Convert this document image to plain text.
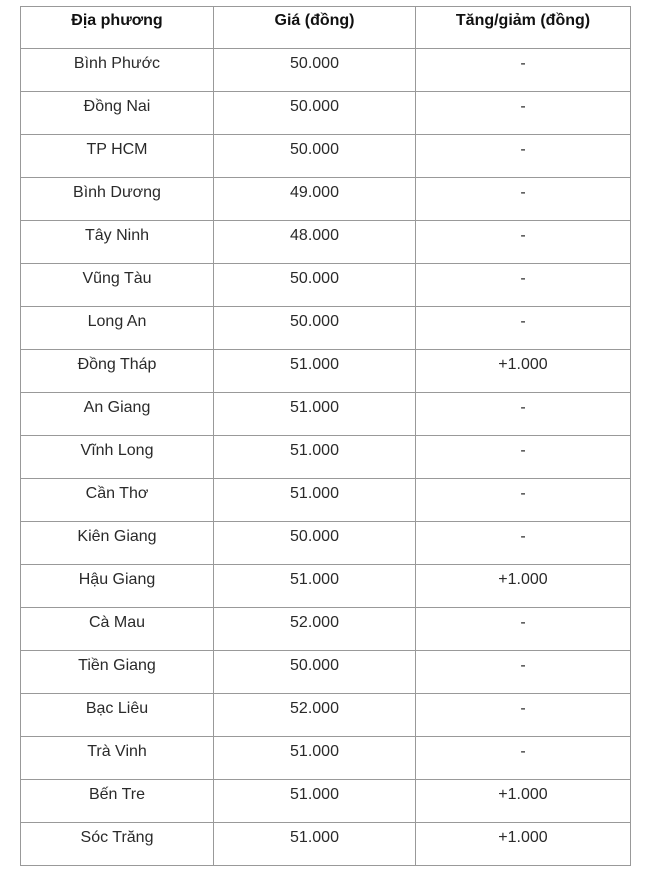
Địa phương	Giá (đồng)	Tăng/giảm (đồng)
Bình Phước	50.000	-
Đồng Nai	50.000	-
TP HCM	50.000	-
Bình Dương	49.000	-
Tây Ninh	48.000	-
Vũng Tàu	50.000	-
Long An	50.000	-
Đồng Tháp	51.000	+1.000
An Giang	51.000	-
Vĩnh Long	51.000	-
Cần Thơ	51.000	-
Kiên Giang	50.000	-
Hậu Giang	51.000	+1.000
Cà Mau	52.000	-
Tiền Giang	50.000	-
Bạc Liêu	52.000	-
Trà Vinh	51.000	-
Bến Tre	51.000	+1.000
Sóc Trăng	51.000	+1.000
